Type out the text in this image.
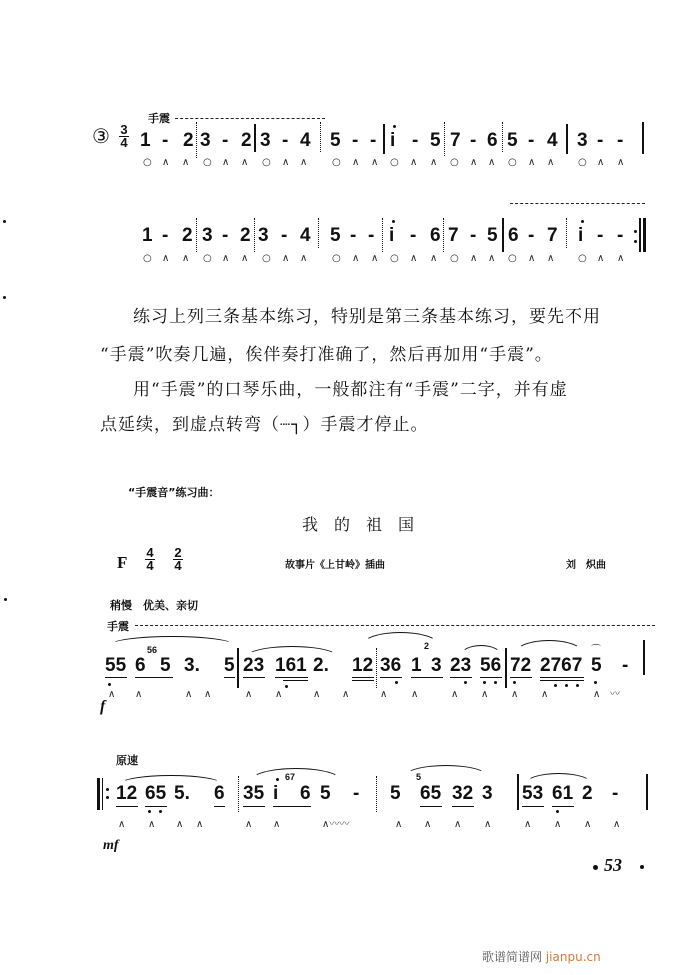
手震
③ 3
4 1 - 2 3 - 2 3 - 4 5 - - i - 5 7 - 6 5 - 4 3 - -
○ ∧ ∧ ○ ∧ ∧ ○ ∧ ∧ ○ ∧ ∧ ○ ∧ ∧ ○ ∧ ∧ ○ ∧ ∧ ○ ∧ ∧
1 - 2 3 - 2 3 - 4 5 - - i - 6 7 - 5 6 - 7 i - -
○ ∧ ∧ ○ ∧ ∧ ○ ∧ ∧ ○ ∧ ∧ ○ ∧ ∧ ○ ∧ ∧ ○ ∧ ∧ ○ ∧ ∧
练习上列三条基本练习，特别是第三条基本练习，要先不用
“手震”吹奏几遍，俟伴奏打准确了，然后再加用“手震”。
用“手震”的口琴乐曲，一般都注有“手震”二字，并有虚
点延续，到虚点转弯（┈┐）手震才停止。
“手震音”练习曲：
我　的　祖　国
F
4
4
2
4	故事片《上甘岭》插曲	刘　炽曲
稍慢　优美、亲切
手震
55
56
6 5 3. 5 23 161 2. 12 36
2
1 3 23 56 72 2767
⌒
5 -
∧ ∧	∧ ∧	∧ ∧	∧ ∧	∧ ∧	∧ ∧ ∧ ∧	∧ 〰
f
原速
12 65 5. 6 35
67
i 6 5 - 5
5
65 32 3 53 61 2 -
∧ ∧ ∧ ∧	∧ ∧	∧〰〰	∧ ∧ ∧ ∧	∧ ∧ ∧ ∧
mf
53
歌谱简谱网 jianpu.cn
